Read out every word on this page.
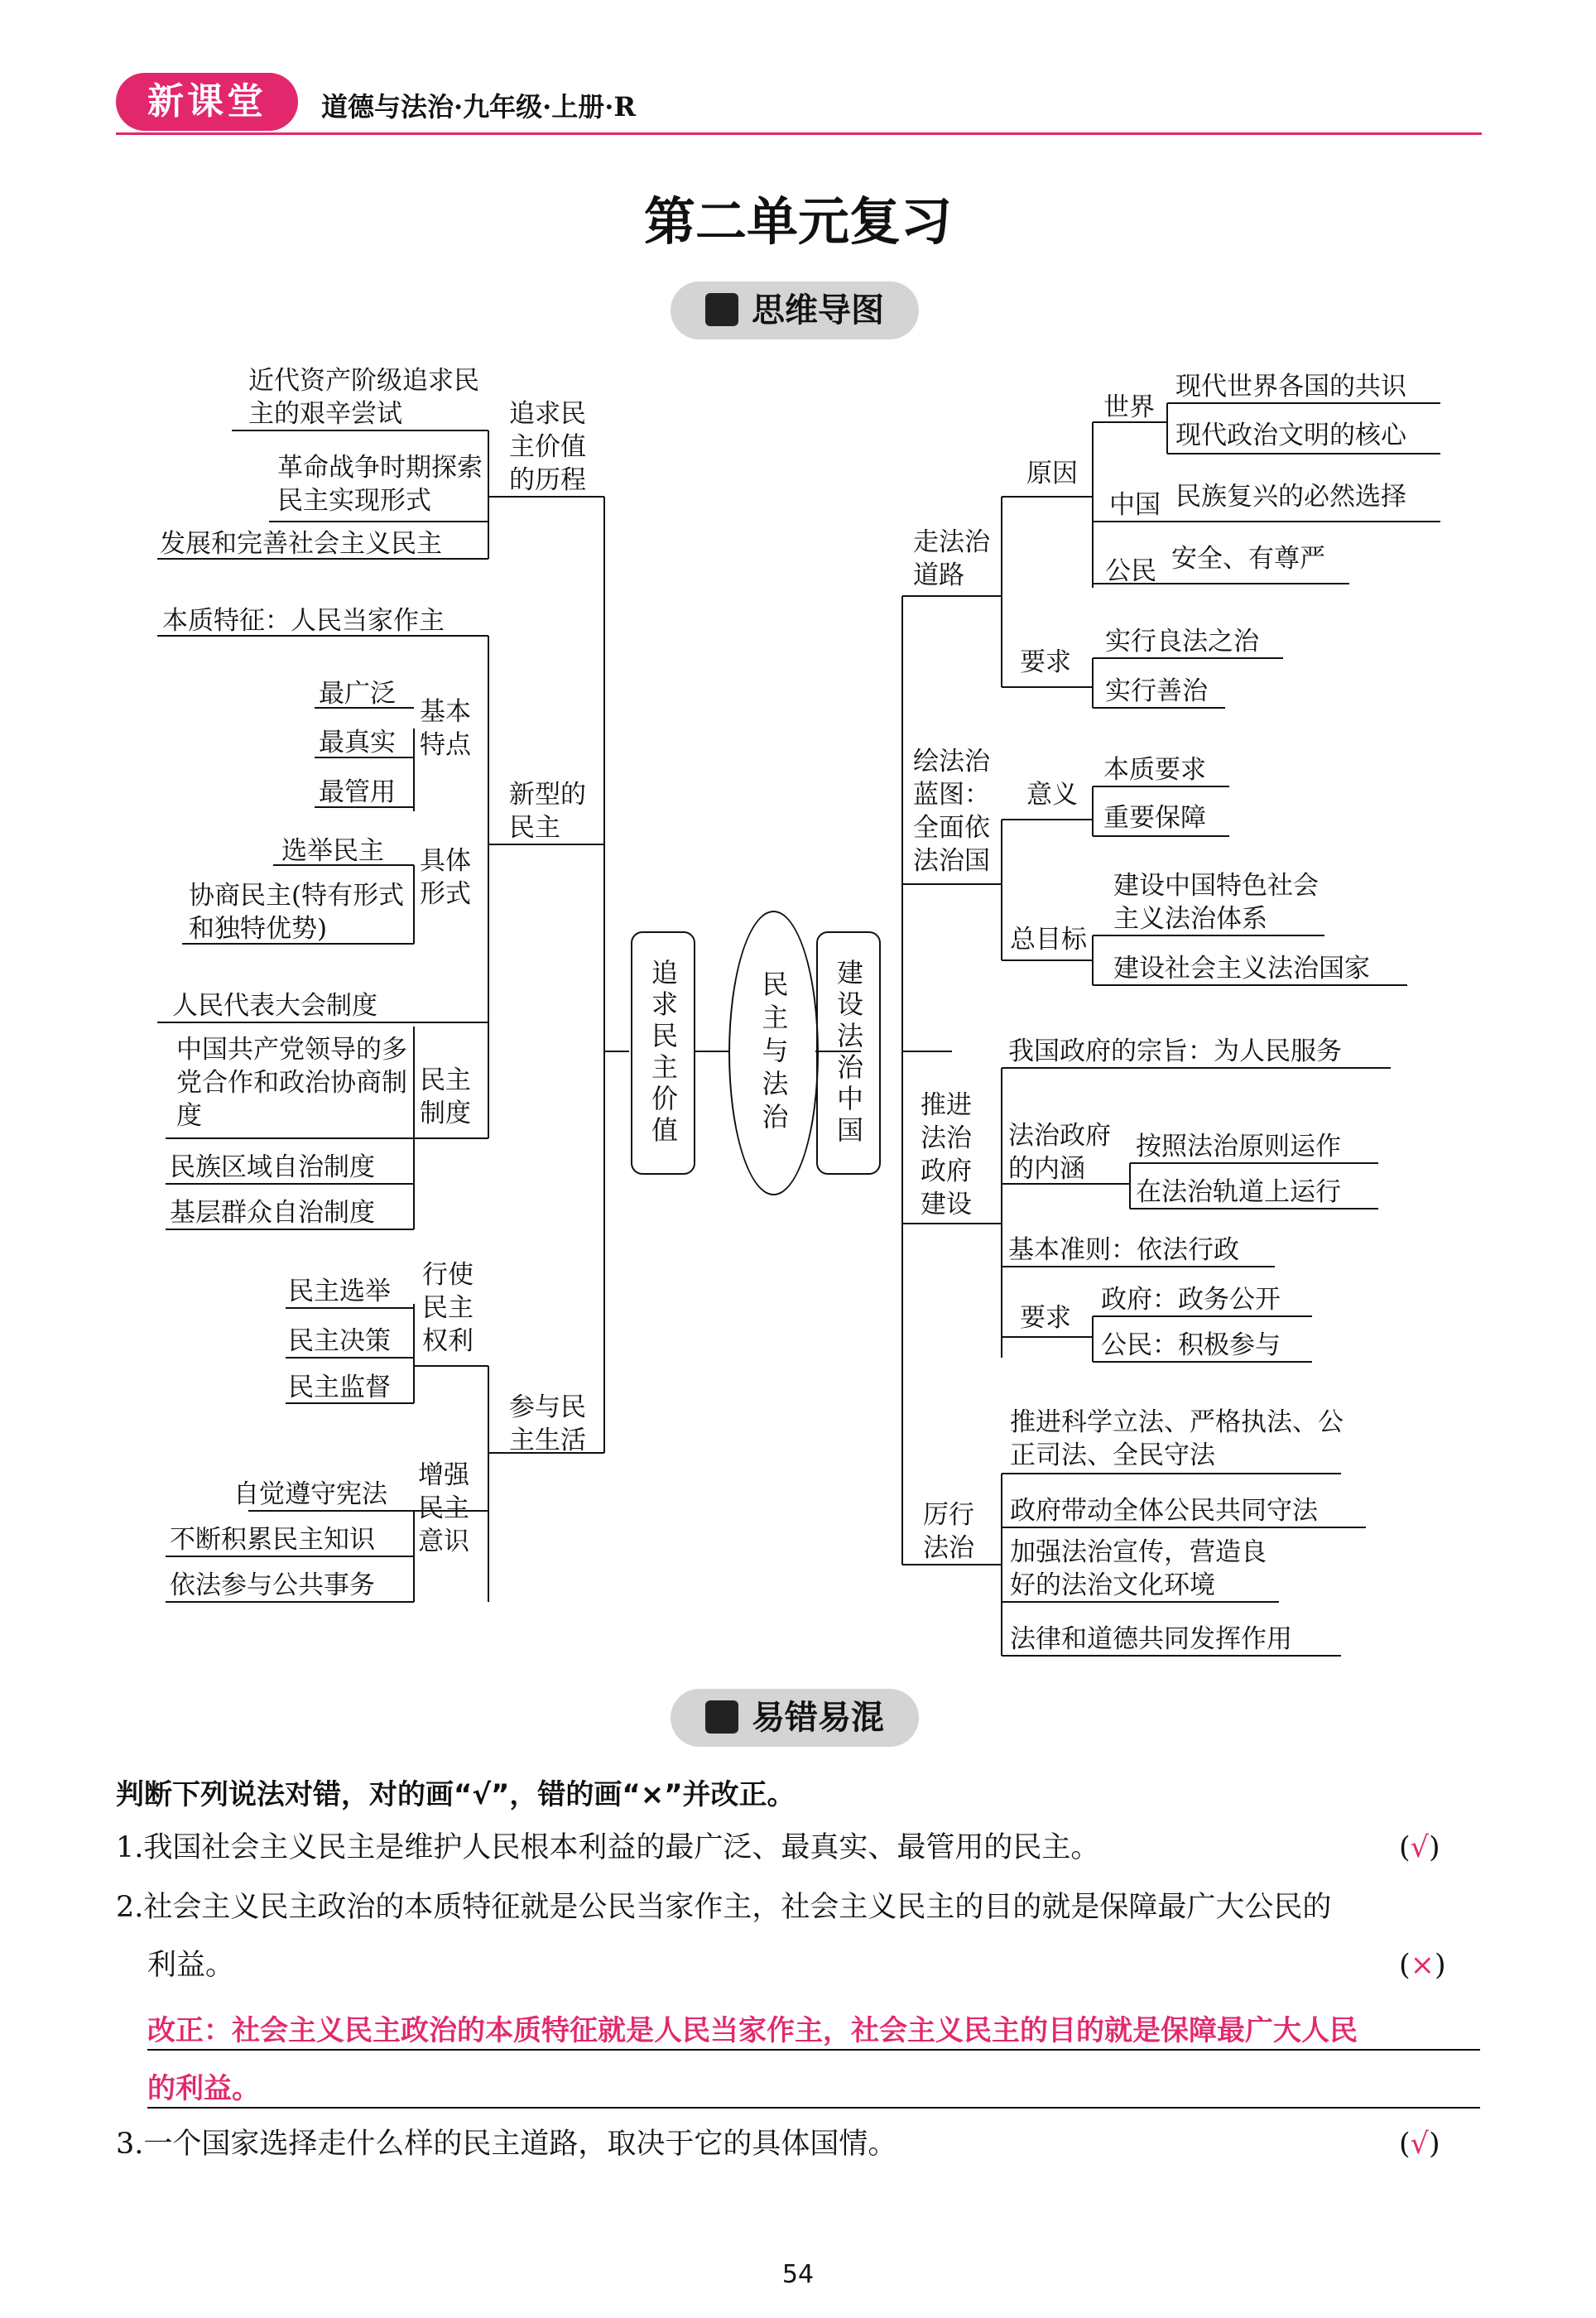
新课堂	道德与法治·九年级·上册·R
第二单元复习
思维导图
追求民主价值	民主与法治	建设法治中国
追求民主价值的历程
近代资产阶级追求民主的艰辛尝试
革命战争时期探索民主实现形式
发展和完善社会主义民主
新型的民主
本质特征：人民当家作主
基本特点
最广泛
最真实
最管用
具体形式
选举民主
协商民主(特有形式和独特优势)
民主制度
人民代表大会制度
中国共产党领导的多党合作和政治协商制度
民族区域自治制度
基层群众自治制度
参与民主生活
行使民主权利
民主选举
民主决策
民主监督
增强民主意识
自觉遵守宪法
不断积累民主知识
依法参与公共事务
走法治道路
原因
世界
现代世界各国的共识
现代政治文明的核心
中国 民族复兴的必然选择
公民 安全、有尊严
要求
实行良法之治
实行善治
绘法治蓝图：全面依法治国
意义
本质要求
重要保障
总目标
建设中国特色社会主义法治体系
建设社会主义法治国家
推进法治政府建设
我国政府的宗旨：为人民服务
法治政府的内涵
按照法治原则运作
在法治轨道上运行
基本准则：依法行政
要求
政府：政务公开
公民：积极参与
厉行法治
推进科学立法、严格执法、公正司法、全民守法
政府带动全体公民共同守法
加强法治宣传，营造良好的法治文化环境
法律和道德共同发挥作用
易错易混
判断下列说法对错，对的画“√”，错的画“×”并改正。
1.我国社会主义民主是维护人民根本利益的最广泛、最真实、最管用的民主。	(√)
2.社会主义民主政治的本质特征就是公民当家作主，社会主义民主的目的就是保障最广大公民的
利益。	(×)
改正：社会主义民主政治的本质特征就是人民当家作主，社会主义民主的目的就是保障最广大人民
的利益。
3.一个国家选择走什么样的民主道路，取决于它的具体国情。	(√)
54
